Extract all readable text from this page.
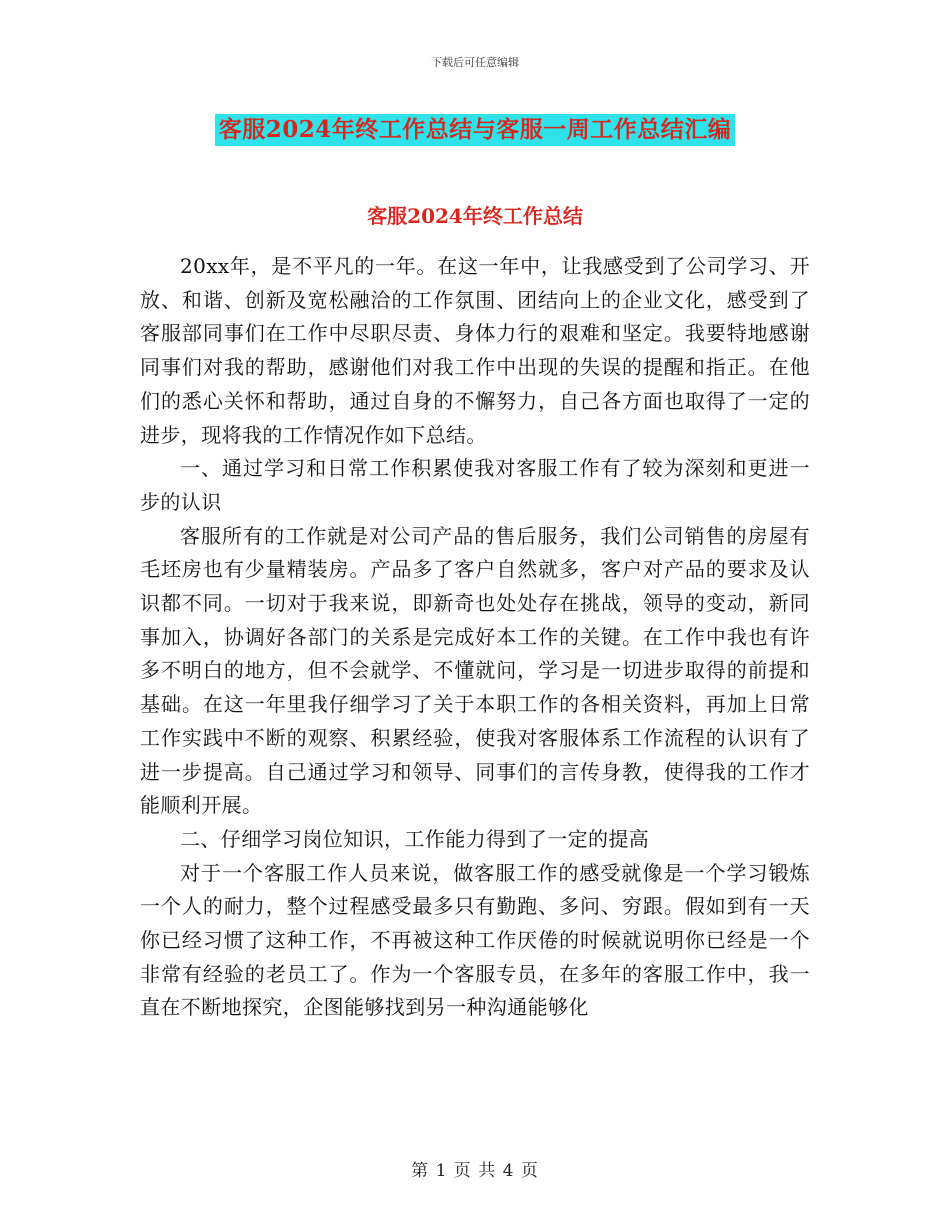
下载后可任意编辑
客服2024年终工作总结与客服一周工作总结汇编
客服2024年终工作总结

20xx年，是不平凡的一年。在这一年中，让我感受到了公司学习、开放、和谐、创新及宽松融洽的工作氛围、团结向上的企业文化，感受到了客服部同事们在工作中尽职尽责、身体力行的艰难和坚定。我要特地感谢同事们对我的帮助，感谢他们对我工作中出现的失误的提醒和指正。在他们的悉心关怀和帮助，通过自身的不懈努力，自己各方面也取得了一定的进步，现将我的工作情况作如下总结。

一、通过学习和日常工作积累使我对客服工作有了较为深刻和更进一步的认识

客服所有的工作就是对公司产品的售后服务，我们公司销售的房屋有毛坯房也有少量精装房。产品多了客户自然就多，客户对产品的要求及认识都不同。一切对于我来说，即新奇也处处存在挑战，领导的变动，新同事加入，协调好各部门的关系是完成好本工作的关键。在工作中我也有许多不明白的地方，但不会就学、不懂就问，学习是一切进步取得的前提和基础。在这一年里我仔细学习了关于本职工作的各相关资料，再加上日常工作实践中不断的观察、积累经验，使我对客服体系工作流程的认识有了进一步提高。自己通过学习和领导、同事们的言传身教，使得我的工作才能顺利开展。

二、仔细学习岗位知识，工作能力得到了一定的提高

对于一个客服工作人员来说，做客服工作的感受就像是一个学习锻炼一个人的耐力，整个过程感受最多只有勤跑、多问、穷跟。假如到有一天你已经习惯了这种工作，不再被这种工作厌倦的时候就说明你已经是一个非常有经验的老员工了。作为一个客服专员，在多年的客服工作中，我一直在不断地探究，企图能够找到另一种沟通能够化

第 1 页 共 4 页
